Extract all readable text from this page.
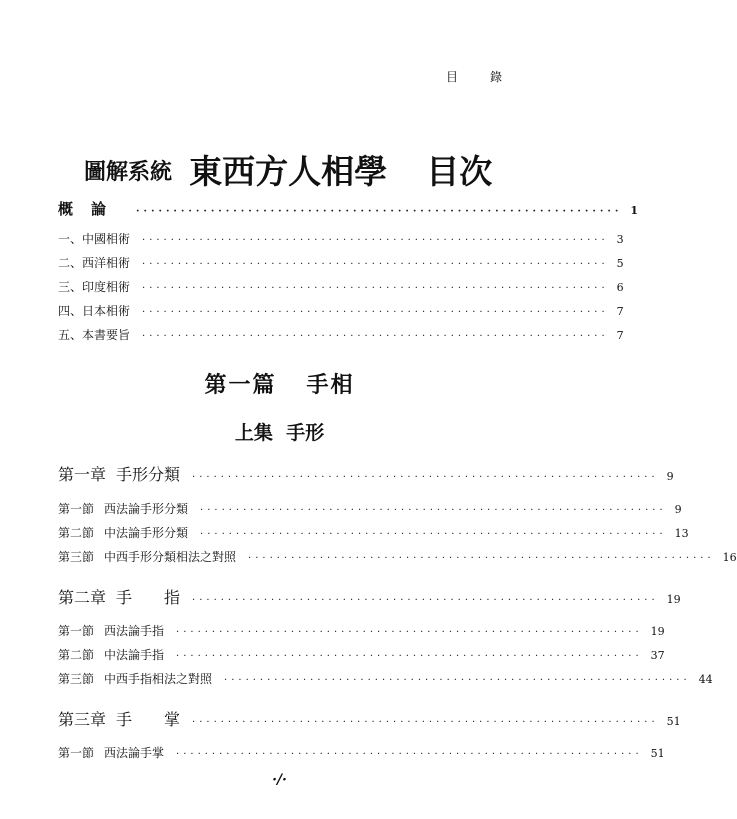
目　錄
圖解系統 東西方人相學 目次
概論 ································································· 1
一、中國相術 ································································· 3
二、西洋相術 ································································· 5
三、印度相術 ································································· 6
四、日本相術 ································································· 7
五、本書要旨 ································································· 7
第一篇 手相
上集 手形
第一章 手形分類 ································································· 9
第一節 西法論手形分類 ································································· 9
第二節 中法論手形分類 ································································· 13
第三節 中西手形分類相法之對照 ································································· 16
第二章 手　　指 ································································· 19
第一節 西法論手指 ································································· 19
第二節 中法論手指 ································································· 37
第三節 中西手指相法之對照 ································································· 44
第三章 手　　掌 ································································· 51
第一節 西法論手掌 ································································· 51
·/·
